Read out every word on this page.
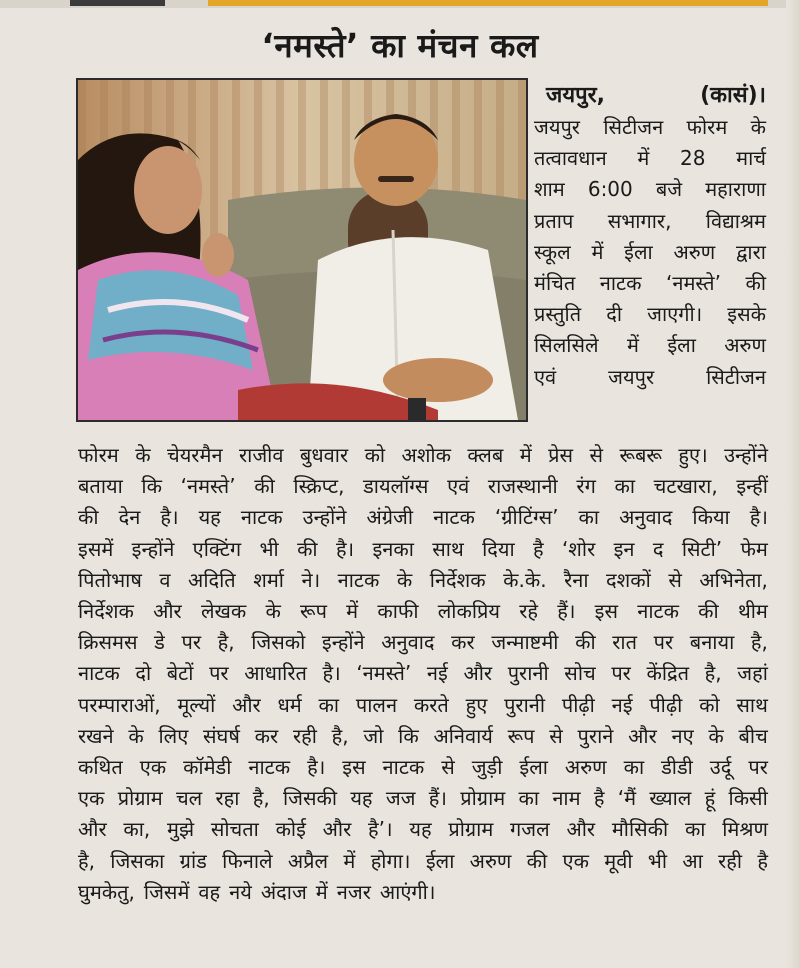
‘नमस्ते’ का मंचन कल
जयपुर,	(कासं)।
जयपुर सिटीजन फोरम के
तत्वावधान में 28 मार्च
शाम 6:00 बजे महाराणा
प्रताप सभागार, विद्याश्रम
स्कूल में ईला अरुण द्वारा
मंचित नाटक ‘नमस्ते’ की
प्रस्तुति दी जाएगी। इसके
सिलसिले में ईला अरुण
एवं	जयपुर	सिटीजन
फोरम के चेयरमैन राजीव बुधवार को अशोक क्लब में प्रेस से रूबरू हुए। उन्होंने
बताया कि ‘नमस्ते’ की स्क्रिप्ट, डायलॉग्स एवं राजस्थानी रंग का चटखारा, इन्हीं
की देन है। यह नाटक उन्होंने अंग्रेजी नाटक ‘ग्रीटिंग्स’ का अनुवाद किया है।
इसमें इन्होंने एक्टिंग भी की है। इनका साथ दिया है ‘शोर इन द सिटी’ फेम
पितोभाष व अदिति शर्मा ने। नाटक के निर्देशक के.के. रैना दशकों से अभिनेता,
निर्देशक और लेखक के रूप में काफी लोकप्रिय रहे हैं। इस नाटक की थीम
क्रिसमस डे पर है, जिसको इन्होंने अनुवाद कर जन्माष्टमी की रात पर बनाया है,
नाटक दो बेटों पर आधारित है। ‘नमस्ते’ नई और पुरानी सोच पर केंद्रित है, जहां
परम्पाराओं, मूल्यों और धर्म का पालन करते हुए पुरानी पीढ़ी नई पीढ़ी को साथ
रखने के लिए संघर्ष कर रही है, जो कि अनिवार्य रूप से पुराने और नए के बीच
कथित एक कॉमेडी नाटक है। इस नाटक से जुड़ी ईला अरुण का डीडी उर्दू पर
एक प्रोग्राम चल रहा है, जिसकी यह जज हैं। प्रोग्राम का नाम है ‘मैं ख्याल हूं किसी
और का, मुझे सोचता कोई और है’। यह प्रोग्राम गजल और मौसिकी का मिश्रण
है, जिसका ग्रांड फिनाले अप्रैल में होगा। ईला अरुण की एक मूवी भी आ रही है
घुमकेतु, जिसमें वह नये अंदाज में नजर आएंगी।
